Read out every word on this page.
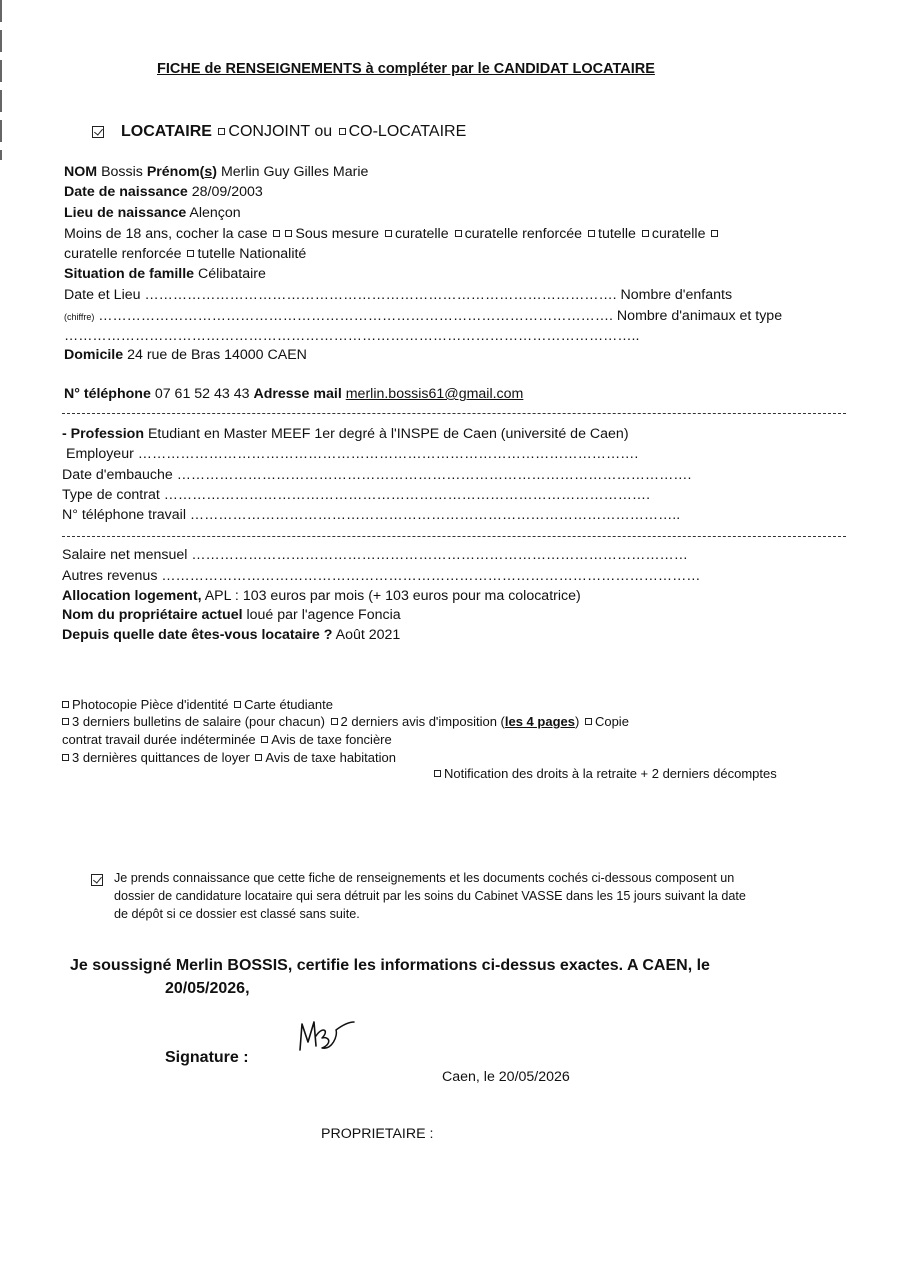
FICHE de RENSEIGNEMENTS à compléter par le CANDIDAT LOCATAIRE
LOCATAIRE CONJOINT ou CO-LOCATAIRE
NOM Bossis Prénom(s) Merlin Guy Gilles Marie
Date de naissance 28/09/2003
Lieu de naissance Alençon
Moins de 18 ans, cocher la case Sous mesure curatelle curatelle renforcée tutelle curatelle
curatelle renforcée tutelle Nationalité
Situation de famille Célibataire
Date et Lieu ………………………………………………………………………………………. Nombre d'enfants
(chiffre) ………………………………………………………………………………………………. Nombre d'animaux et type
…………………………………………………………………………………………………………..
Domicile 24 rue de Bras 14000 CAEN
N° téléphone 07 61 52 43 43 Adresse mail merlin.bossis61@gmail.com
- Profession Etudiant en Master MEEF 1er degré à l'INSPE de Caen (université de Caen)
Employeur …………………………………………………………………………………………….
Date d'embauche ……………………………………………………………………………………………….
Type de contrat ………………………………………………………………………………………….
N° téléphone travail …………………………………………………………………………………………..
Salaire net mensuel ……………………………………………………………………………………………
Autres revenus ……………………………………………………………………………………………………
Allocation logement, APL : 103 euros par mois (+ 103 euros pour ma colocatrice)
Nom du propriétaire actuel loué par l'agence Foncia
Depuis quelle date êtes-vous locataire ? Août 2021
Photocopie Pièce d'identité Carte étudiante
3 derniers bulletins de salaire (pour chacun) 2 derniers avis d'imposition (les 4 pages) Copie
contrat travail durée indéterminée Avis de taxe foncière
3 dernières quittances de loyer Avis de taxe habitation
Notification des droits à la retraite + 2 derniers décomptes
Je prends connaissance que cette fiche de renseignements et les documents cochés ci-dessous composent un
dossier de candidature locataire qui sera détruit par les soins du Cabinet VASSE dans les 15 jours suivant la date
de dépôt si ce dossier est classé sans suite.
Je soussigné Merlin BOSSIS, certifie les informations ci-dessus exactes. A CAEN, le
20/05/2026,
Signature :
Caen, le 20/05/2026
PROPRIETAIRE :
